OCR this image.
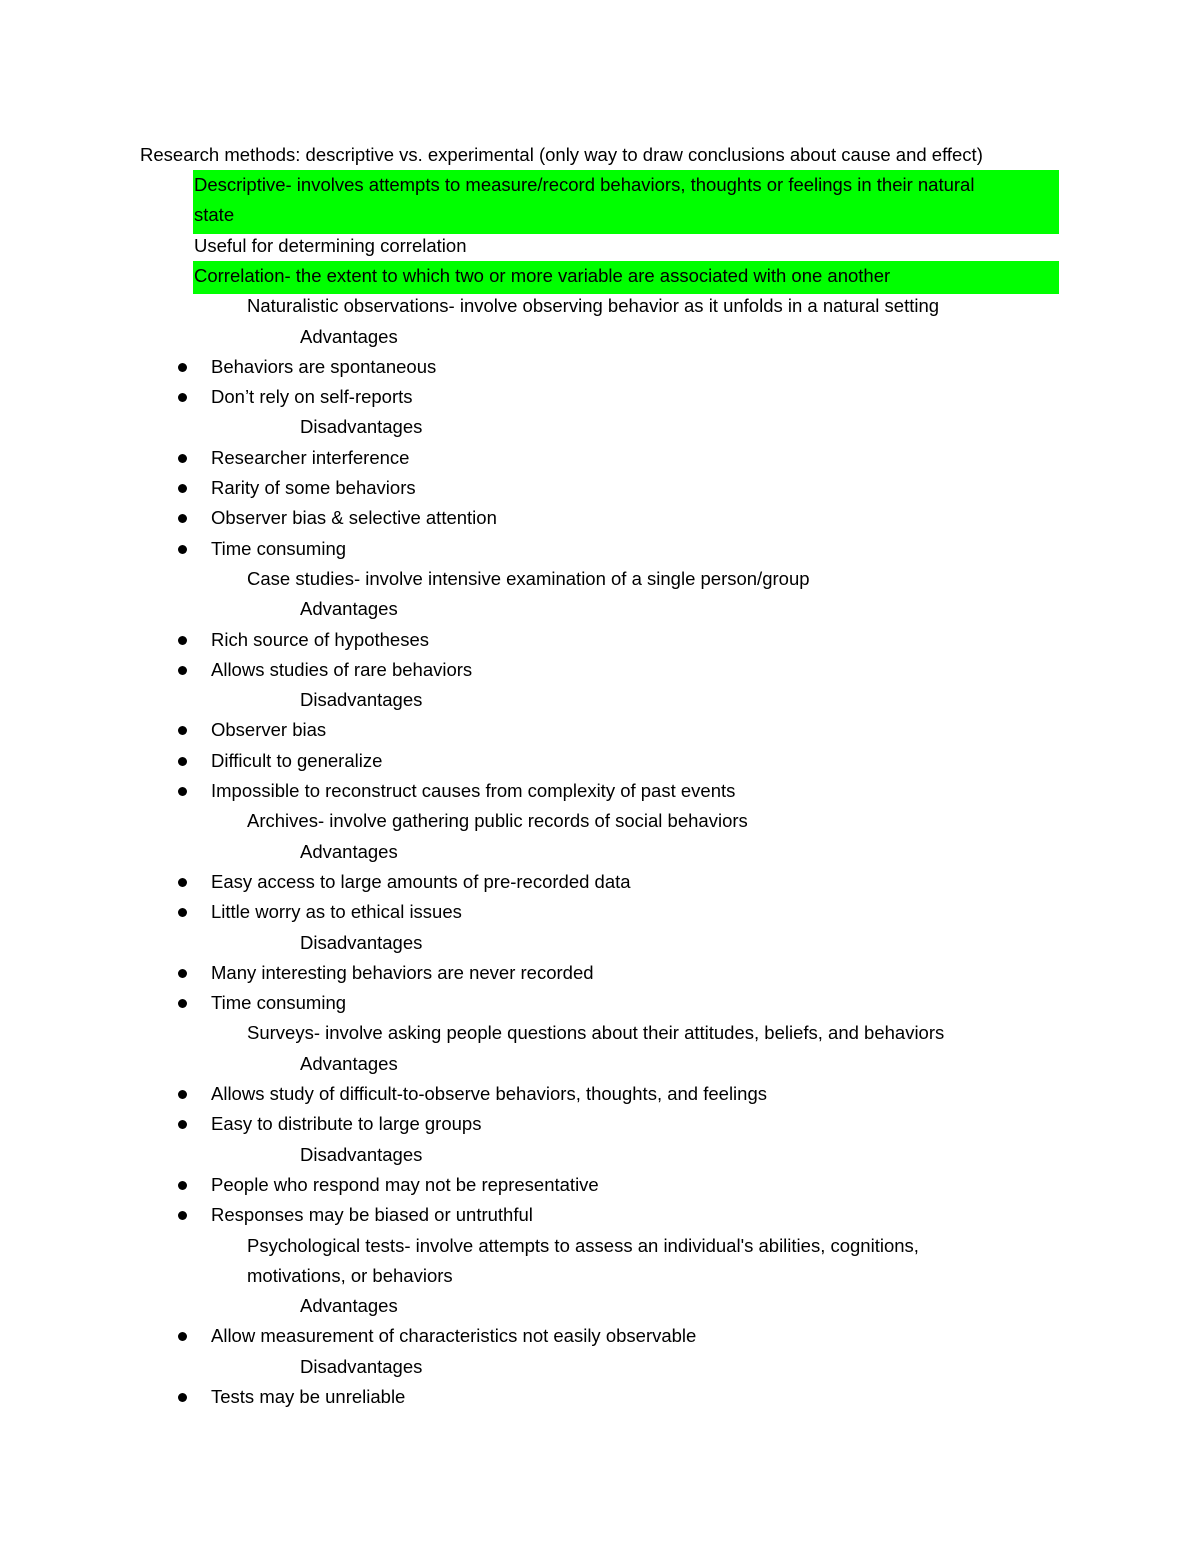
Research methods: descriptive vs. experimental (only way to draw conclusions about cause and effect)
Descriptive- involves attempts to measure/record behaviors, thoughts or feelings in their natural
state
Useful for determining correlation
Correlation- the extent to which two or more variable are associated with one another
Naturalistic observations- involve observing behavior as it unfolds in a natural setting
Advantages
Behaviors are spontaneous
Don’t rely on self-reports
Disadvantages
Researcher interference
Rarity of some behaviors
Observer bias & selective attention
Time consuming
Case studies- involve intensive examination of a single person/group
Advantages
Rich source of hypotheses
Allows studies of rare behaviors
Disadvantages
Observer bias
Difficult to generalize
Impossible to reconstruct causes from complexity of past events
Archives- involve gathering public records of social behaviors
Advantages
Easy access to large amounts of pre-recorded data
Little worry as to ethical issues
Disadvantages
Many interesting behaviors are never recorded
Time consuming
Surveys- involve asking people questions about their attitudes, beliefs, and behaviors
Advantages
Allows study of difficult-to-observe behaviors, thoughts, and feelings
Easy to distribute to large groups
Disadvantages
People who respond may not be representative
Responses may be biased or untruthful
Psychological tests- involve attempts to assess an individual's abilities, cognitions,
motivations, or behaviors
Advantages
Allow measurement of characteristics not easily observable
Disadvantages
Tests may be unreliable
